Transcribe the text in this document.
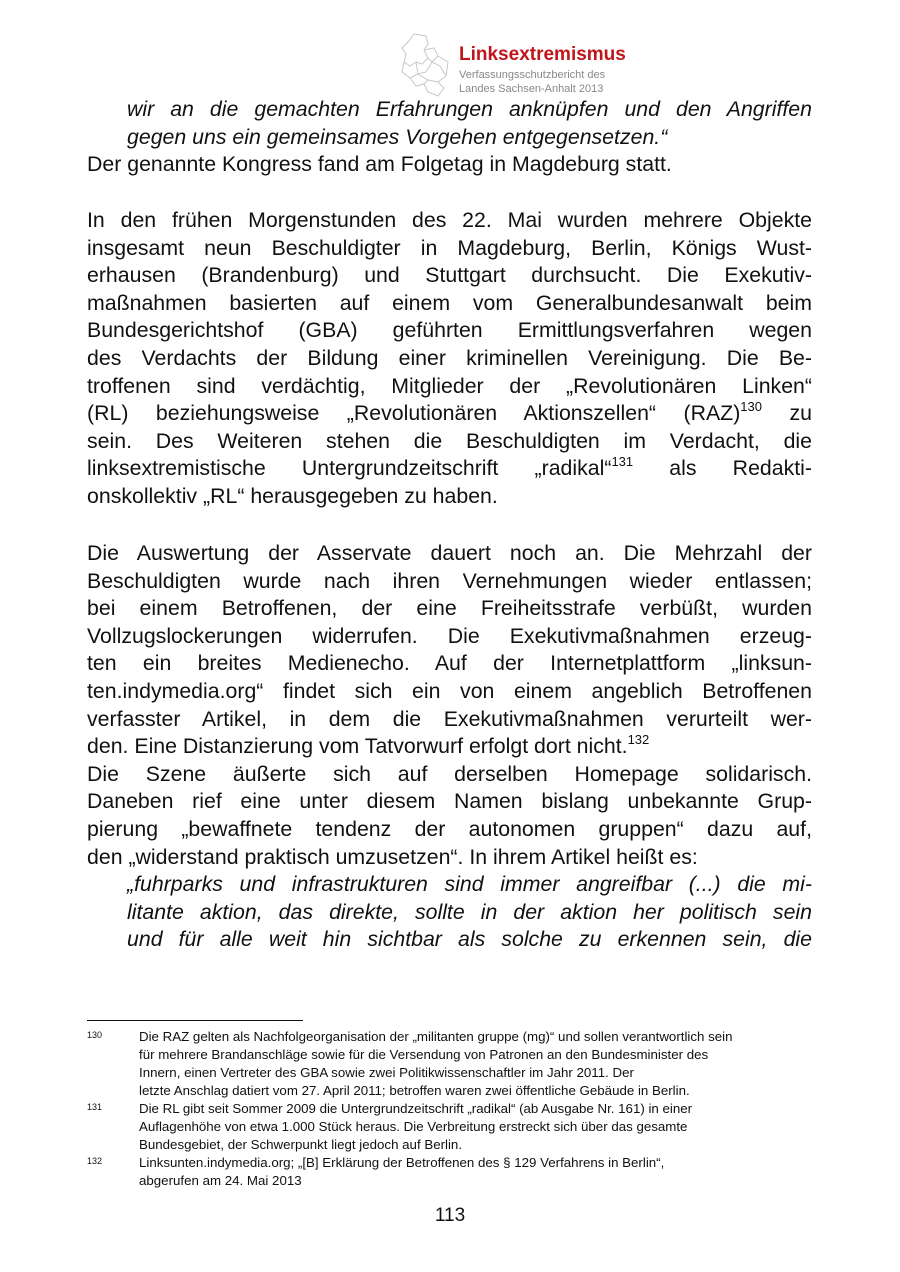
Linksextremismus
Verfassungsschutzbericht des
Landes Sachsen-Anhalt 2013
wir an die gemachten Erfahrungen anknüpfen und den Angriffen
gegen uns ein gemeinsames Vorgehen entgegensetzen.“
Der genannte Kongress fand am Folgetag in Magdeburg statt.
In den frühen Morgenstunden des 22. Mai wurden mehrere Objekte
insgesamt neun Beschuldigter in Magdeburg, Berlin, Königs Wust-
erhausen (Brandenburg) und Stuttgart durchsucht. Die Exekutiv-
maßnahmen basierten auf einem vom Generalbundesanwalt beim
Bundesgerichtshof (GBA) geführten Ermittlungsverfahren wegen
des Verdachts der Bildung einer kriminellen Vereinigung. Die Be-
troffenen sind verdächtig, Mitglieder der „Revolutionären Linken“
(RL) beziehungsweise „Revolutionären Aktionszellen“ (RAZ)$^{130}$ zu
sein. Des Weiteren stehen die Beschuldigten im Verdacht, die
linksextremistische Untergrundzeitschrift „radikal“$^{131}$ als Redakti-
onskollektiv „RL“ herausgegeben zu haben.
Die Auswertung der Asservate dauert noch an. Die Mehrzahl der
Beschuldigten wurde nach ihren Vernehmungen wieder entlassen;
bei einem Betroffenen, der eine Freiheitsstrafe verbüßt, wurden
Vollzugslockerungen widerrufen. Die Exekutivmaßnahmen erzeug-
ten ein breites Medienecho. Auf der Internetplattform „linksun-
ten.indymedia.org“ findet sich ein von einem angeblich Betroffenen
verfasster Artikel, in dem die Exekutivmaßnahmen verurteilt wer-
den. Eine Distanzierung vom Tatvorwurf erfolgt dort nicht.$^{132}$
Die Szene äußerte sich auf derselben Homepage solidarisch.
Daneben rief eine unter diesem Namen bislang unbekannte Grup-
pierung „bewaffnete tendenz der autonomen gruppen“ dazu auf,
den „widerstand praktisch umzusetzen“. In ihrem Artikel heißt es:
„fuhrparks und infrastrukturen sind immer angreifbar (...) die mi-
litante aktion, das direkte, sollte in der aktion her politisch sein
und für alle weit hin sichtbar als solche zu erkennen sein, die
130	Die RAZ gelten als Nachfolgeorganisation der „militanten gruppe (mg)“ und sollen verantwortlich sein
für mehrere Brandanschläge sowie für die Versendung von Patronen an den Bundesminister des
Innern, einen Vertreter des GBA sowie zwei Politikwissenschaftler im Jahr 2011. Der
letzte Anschlag datiert vom 27. April 2011; betroffen waren zwei öffentliche Gebäude in Berlin.
131	Die RL gibt seit Sommer 2009 die Untergrundzeitschrift „radikal“ (ab Ausgabe Nr. 161) in einer
Auflagenhöhe von etwa 1.000 Stück heraus. Die Verbreitung erstreckt sich über das gesamte
Bundesgebiet, der Schwerpunkt liegt jedoch auf Berlin.
132	Linksunten.indymedia.org; „[B] Erklärung der Betroffenen des § 129 Verfahrens in Berlin“,
abgerufen am 24. Mai 2013
113
